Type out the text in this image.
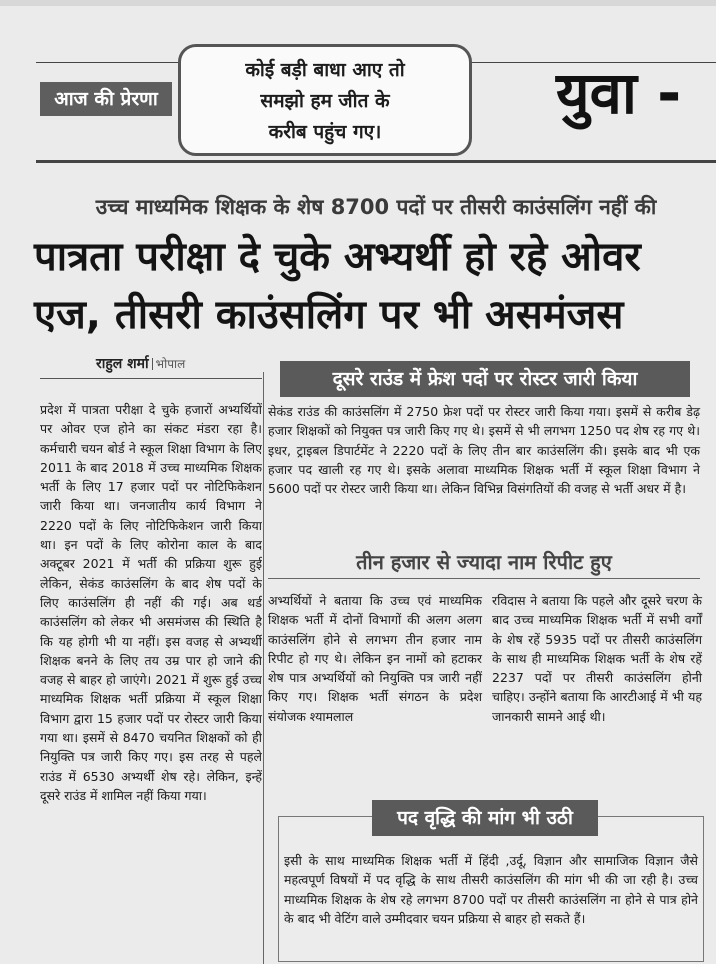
आज की प्रेरणा
कोई बड़ी बाधा आए तो
समझो हम जीत के
करीब पहुंच गए।
युवा -
उच्च माध्यमिक शिक्षक के शेष 8700 पदों पर तीसरी काउंसलिंग नहीं की
पात्रता परीक्षा दे चुके अभ्यर्थी हो रहे ओवर
एज, तीसरी काउंसलिंग पर भी असमंजस
राहुल शर्मा भोपाल
प्रदेश में पात्रता परीक्षा दे चुके हजारों अभ्यर्थियों पर ओवर एज होने का संकट मंडरा रहा है। कर्मचारी चयन बोर्ड ने स्कूल शिक्षा विभाग के लिए 2011 के बाद 2018 में उच्च माध्यमिक शिक्षक भर्ती के लिए 17 हजार पदों पर नोटिफिकेशन जारी किया था। जनजातीय कार्य विभाग ने 2220 पदों के लिए नोटिफिकेशन जारी किया था। इन पदों के लिए कोरोना काल के बाद अक्टूबर 2021 में भर्ती की प्रक्रिया शुरू हुई लेकिन, सेकंड काउंसलिंग के बाद शेष पदों के लिए काउंसलिंग ही नहीं की गई। अब थर्ड काउंसलिंग को लेकर भी असमंजस की स्थिति है कि यह होगी भी या नहीं। इस वजह से अभ्यर्थी शिक्षक बनने के लिए तय उम्र पार हो जाने की वजह से बाहर हो जाएंगे। 2021 में शुरू हुई उच्च माध्यमिक शिक्षक भर्ती प्रक्रिया में स्कूल शिक्षा विभाग द्वारा 15 हजार पदों पर रोस्टर जारी किया गया था। इसमें से 8470 चयनित शिक्षकों को ही नियुक्ति पत्र जारी किए गए। इस तरह से पहले राउंड में 6530 अभ्यर्थी शेष रहे। लेकिन, इन्हें दूसरे राउंड में शामिल नहीं किया गया।
दूसरे राउंड में फ्रेश पदों पर रोस्टर जारी किया
सेकंड राउंड की काउंसलिंग में 2750 फ्रेश पदों पर रोस्टर जारी किया गया। इसमें से करीब डेढ़ हजार शिक्षकों को नियुक्त पत्र जारी किए गए थे। इसमें से भी लगभग 1250 पद शेष रह गए थे। इधर, ट्राइबल डिपार्टमेंट ने 2220 पदों के लिए तीन बार काउंसलिंग की। इसके बाद भी एक हजार पद खाली रह गए थे। इसके अलावा माध्यमिक शिक्षक भर्ती में स्कूल शिक्षा विभाग ने 5600 पदों पर रोस्टर जारी किया था। लेकिन विभिन्न विसंगतियों की वजह से भर्ती अधर में है।
तीन हजार से ज्यादा नाम रिपीट हुए
अभ्यर्थियों ने बताया कि उच्च एवं माध्यमिक शिक्षक भर्ती में दोनों विभागों की अलग अलग काउंसलिंग होने से लगभग तीन हजार नाम रिपीट हो गए थे। लेकिन इन नामों को हटाकर शेष पात्र अभ्यर्थियों को नियुक्ति पत्र जारी नहीं किए गए। शिक्षक भर्ती संगठन के प्रदेश संयोजक श्यामलाल
रविदास ने बताया कि पहले और दूसरे चरण के बाद उच्च माध्यमिक शिक्षक भर्ती में सभी वर्गों के शेष रहें 5935 पदों पर तीसरी काउंसलिंग के साथ ही माध्यमिक शिक्षक भर्ती के शेष रहें 2237 पदों पर तीसरी काउंसलिंग होनी चाहिए। उन्होंने बताया कि आरटीआई में भी यह जानकारी सामने आई थी।
पद वृद्धि की मांग भी उठी
इसी के साथ माध्यमिक शिक्षक भर्ती में हिंदी ,उर्दू, विज्ञान और सामाजिक विज्ञान जैसे महत्वपूर्ण विषयों में पद वृद्धि के साथ तीसरी काउंसलिंग की मांग भी की जा रही है। उच्च माध्यमिक शिक्षक के शेष रहे लगभग 8700 पदों पर तीसरी काउंसलिंग ना होने से पात्र होने के बाद भी वेटिंग वाले उम्मीदवार चयन प्रक्रिया से बाहर हो सकते हैं।
